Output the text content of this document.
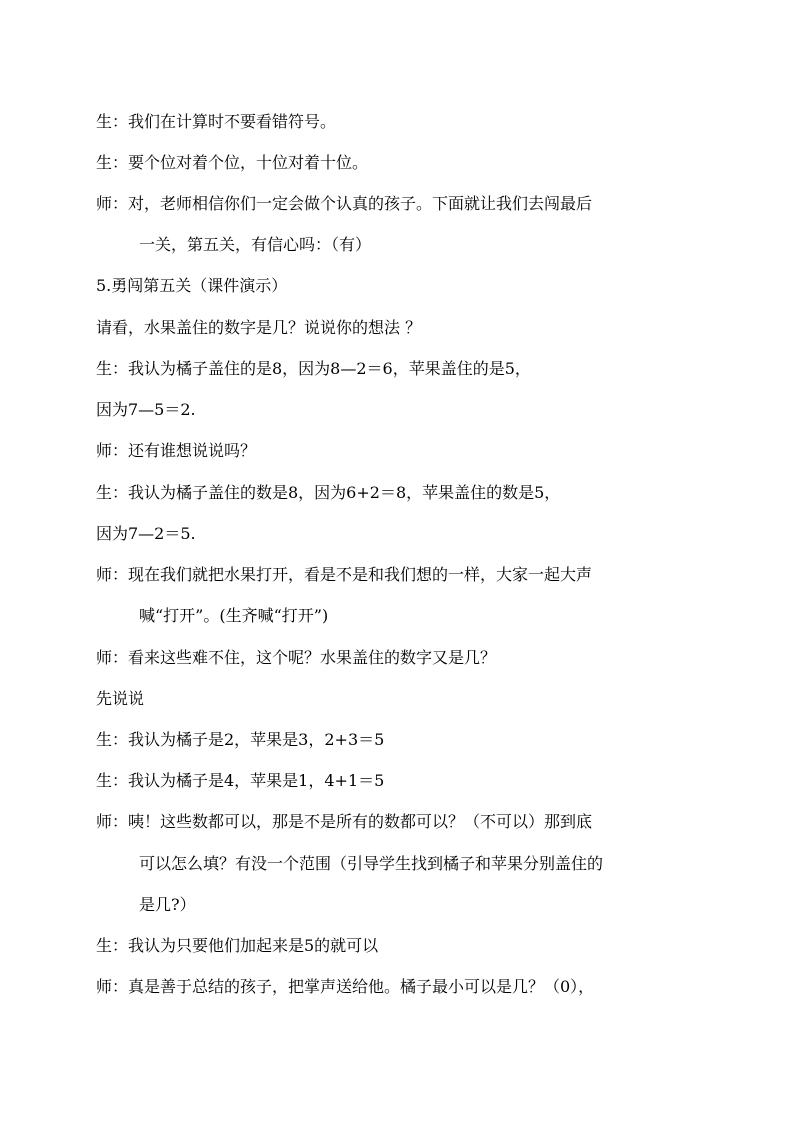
生：我们在计算时不要看错符号。
生：要个位对着个位，十位对着十位。
师：对，老师相信你们一定会做个认真的孩子。下面就让我们去闯最后
一关，第五关，有信心吗：（有）
5.勇闯第五关（课件演示）
请看，水果盖住的数字是几？说说你的想法 ？
生：我认为橘子盖住的是8，因为8—2＝6，苹果盖住的是5，
因为7—5＝2.
师：还有谁想说说吗？
生：我认为橘子盖住的数是8，因为6+2＝8，苹果盖住的数是5，
因为7—2＝5.
师：现在我们就把水果打开，看是不是和我们想的一样，大家一起大声
喊“打开”。(生齐喊“打开”)
师：看来这些难不住，这个呢？水果盖住的数字又是几？
先说说
生：我认为橘子是2，苹果是3，2+3＝5
生：我认为橘子是4，苹果是1，4+1＝5
师：咦！这些数都可以，那是不是所有的数都可以？（不可以）那到底
可以怎么填？有没一个范围（引导学生找到橘子和苹果分别盖住的
是几?）
生：我认为只要他们加起来是5的就可以
师：真是善于总结的孩子，把掌声送给他。橘子最小可以是几？（0），
